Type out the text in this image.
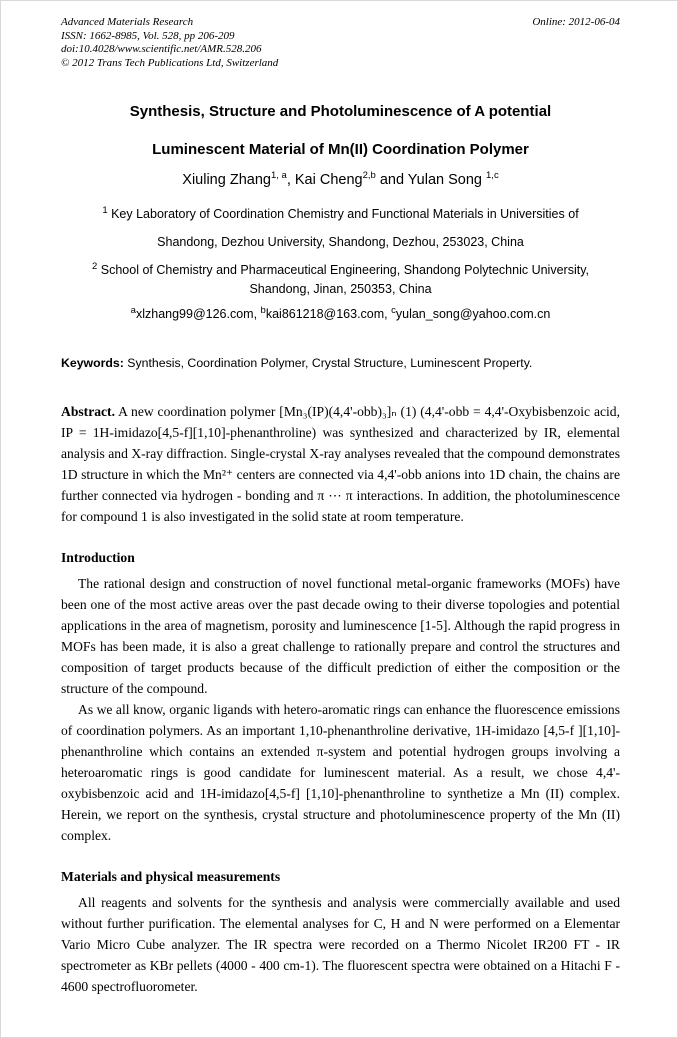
Advanced Materials Research
ISSN: 1662-8985, Vol. 528, pp 206-209
doi:10.4028/www.scientific.net/AMR.528.206
© 2012 Trans Tech Publications Ltd, Switzerland
Online: 2012-06-04
Synthesis, Structure and Photoluminescence of A potential
Luminescent Material of Mn(II) Coordination Polymer

Xiuling Zhang$^{1, a}$, Kai Cheng$^{2,b}$ and Yulan Song $^{1,c}$

$^1$ Key Laboratory of Coordination Chemistry and Functional Materials in Universities of

Shandong, Dezhou University, Shandong, Dezhou, 253023, China

$^2$ School of Chemistry and Pharmaceutical Engineering, Shandong Polytechnic University,

Shandong, Jinan, 250353, China

$^a$xlzhang99@126.com, $^b$kai861218@163.com, $^c$yulan_song@yahoo.com.cn

Keywords: Synthesis, Coordination Polymer, Crystal Structure, Luminescent Property.

Abstract. A new coordination polymer [Mn₃(IP)(4,4'-obb)₃]ₙ (1) (4,4'-obb = 4,4'-Oxybisbenzoic acid, IP = 1H-imidazo[4,5-f][1,10]-phenanthroline) was synthesized and characterized by IR, elemental analysis and X-ray diffraction. Single-crystal X-ray analyses revealed that the compound demonstrates 1D structure in which the Mn²⁺ centers are connected via 4,4'-obb anions into 1D chain, the chains are further connected via hydrogen - bonding and π ⋯ π interactions. In addition, the photoluminescence for compound 1 is also investigated in the solid state at room temperature.

Introduction

The rational design and construction of novel functional metal-organic frameworks (MOFs) have been one of the most active areas over the past decade owing to their diverse topologies and potential applications in the area of magnetism, porosity and luminescence [1-5]. Although the rapid progress in MOFs has been made, it is also a great challenge to rationally prepare and control the structures and composition of target products because of the difficult prediction of either the composition or the structure of the compound.

As we all know, organic ligands with hetero-aromatic rings can enhance the fluorescence emissions of coordination polymers. As an important 1,10-phenanthroline derivative, 1H-imidazo [4,5-f ][1,10]-phenanthroline which contains an extended π-system and potential hydrogen groups involving a heteroaromatic rings is good candidate for luminescent material. As a result, we chose 4,4'-oxybisbenzoic acid and 1H-imidazo[4,5-f] [1,10]-phenanthroline to synthetize a Mn (II) complex. Herein, we report on the synthesis, crystal structure and photoluminescence property of the Mn (II) complex.

Materials and physical measurements

All reagents and solvents for the synthesis and analysis were commercially available and used without further purification. The elemental analyses for C, H and N were performed on a Elementar Vario Micro Cube analyzer. The IR spectra were recorded on a Thermo Nicolet IR200 FT - IR spectrometer as KBr pellets (4000 - 400 cm-1). The fluorescent spectra were obtained on a Hitachi F - 4600 spectrofluorometer.
